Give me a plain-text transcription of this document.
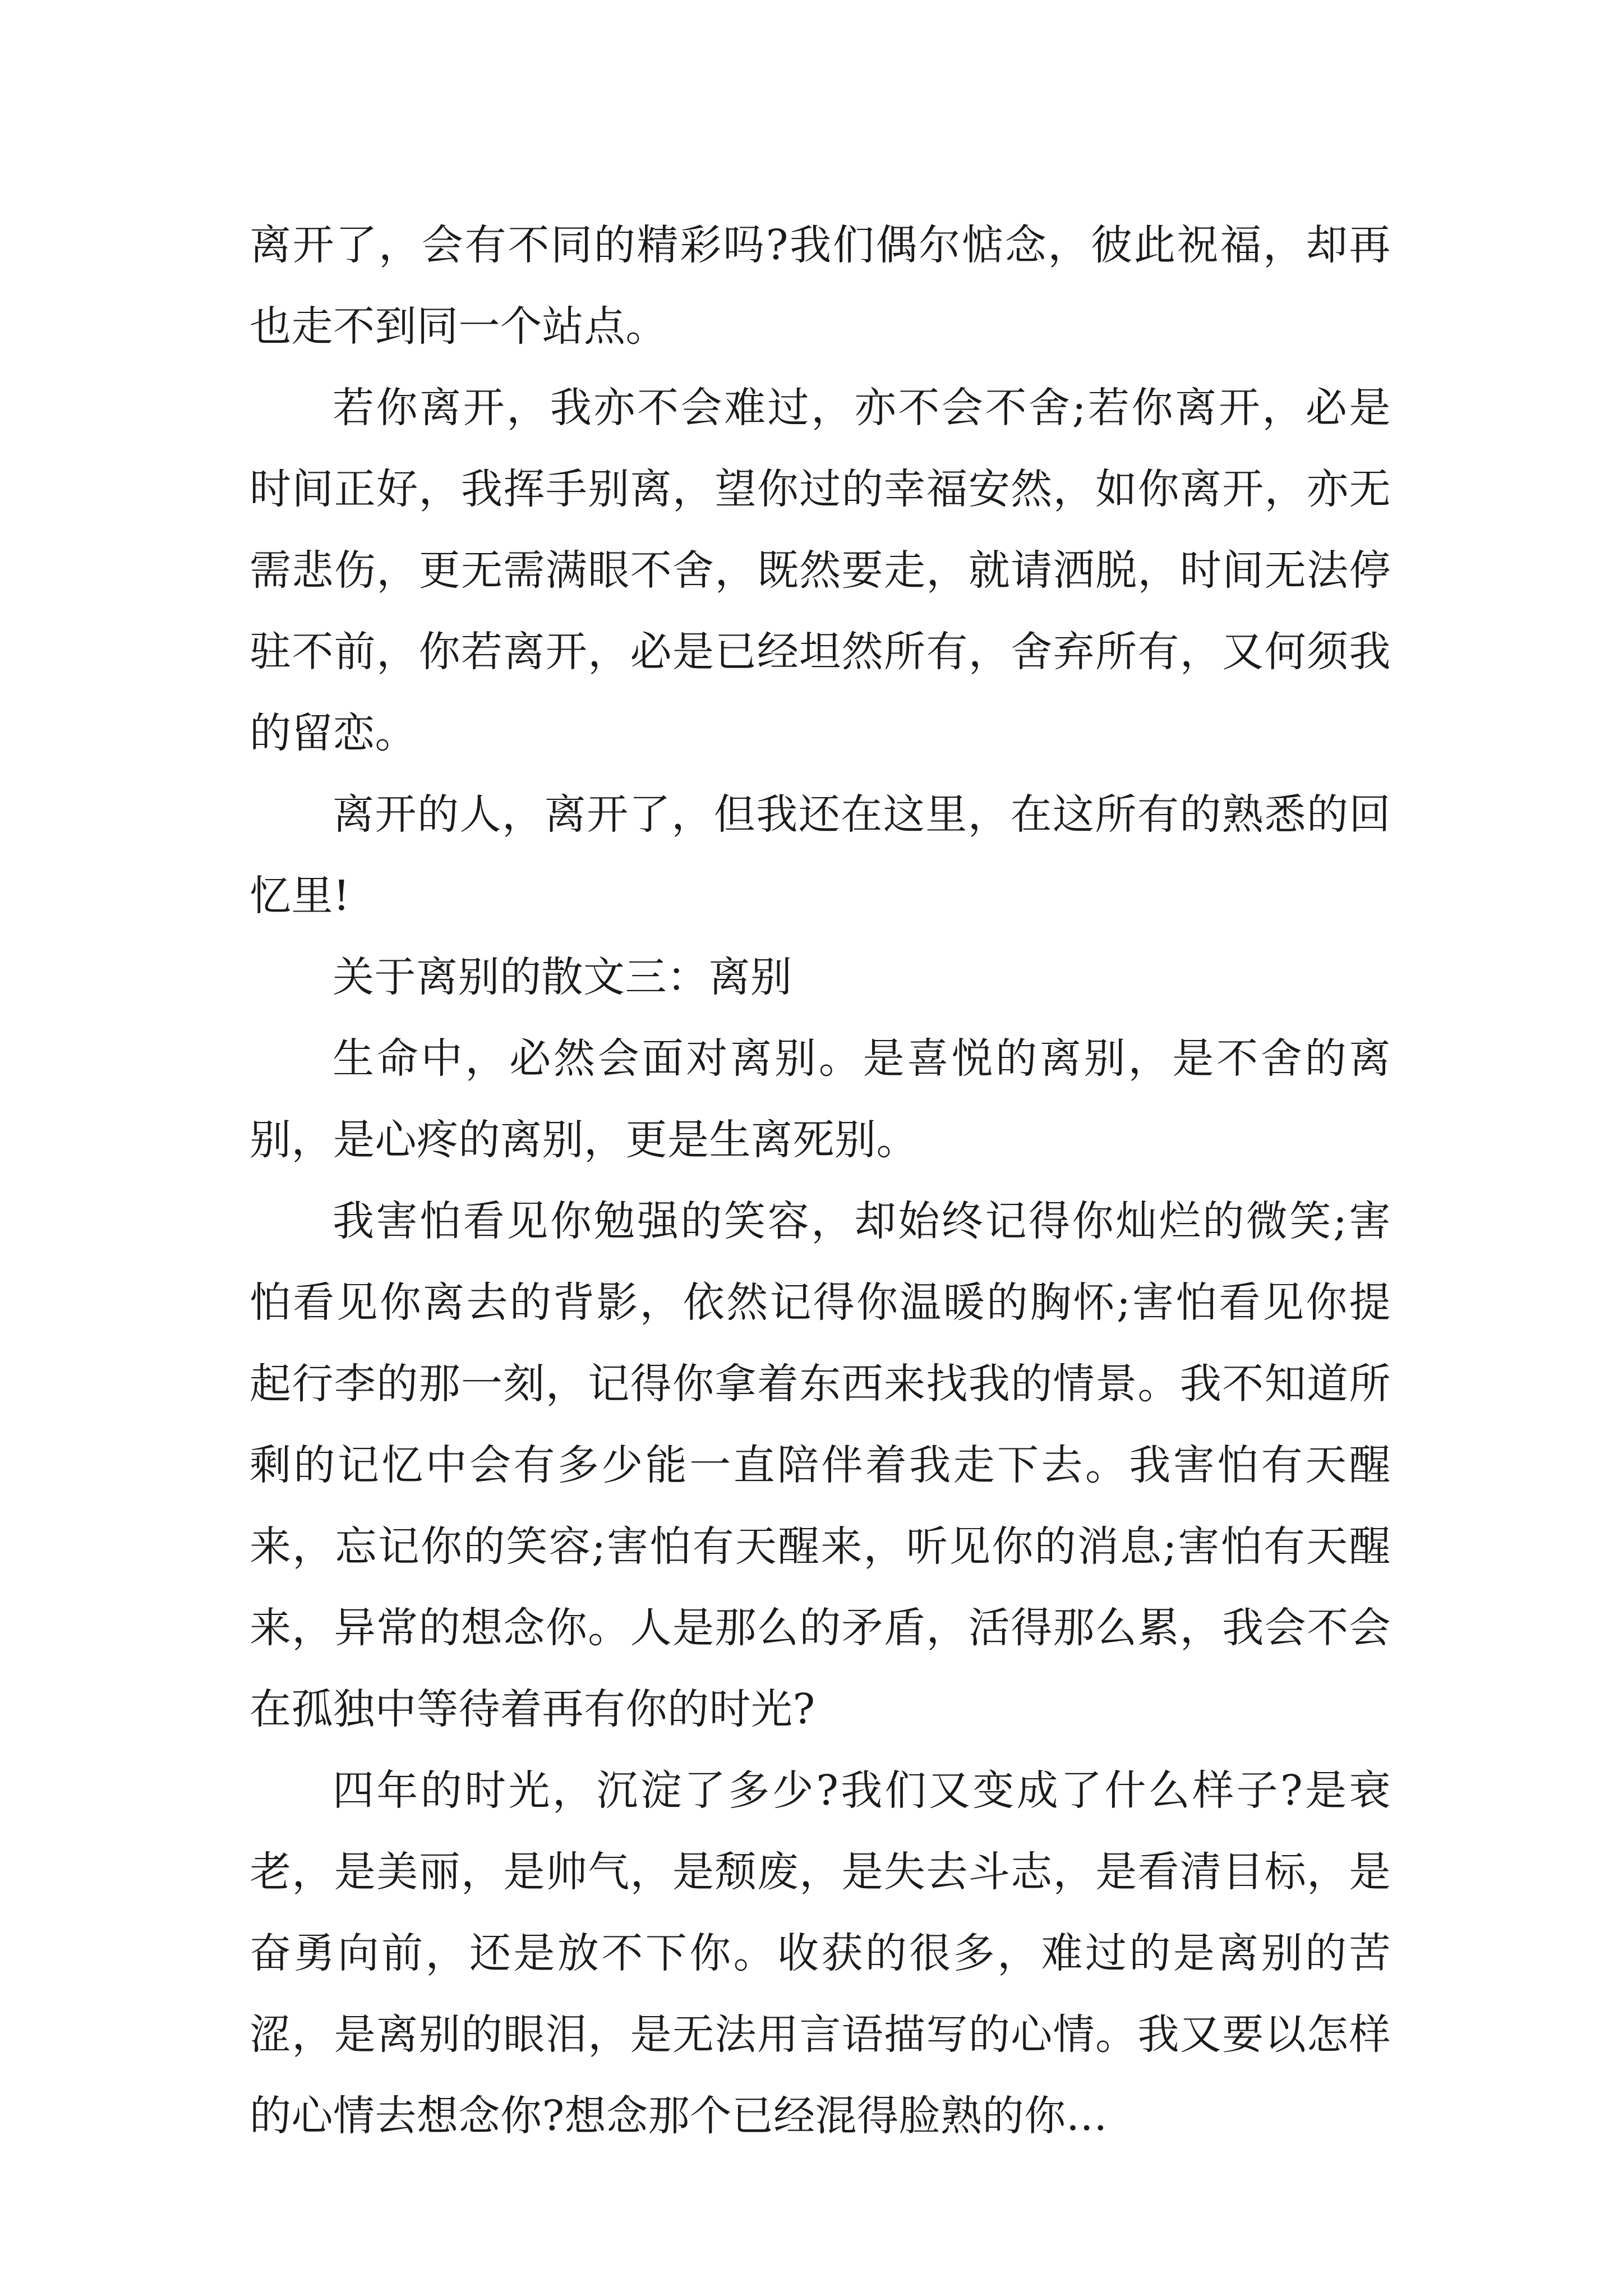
离开了，会有不同的精彩吗?我们偶尔惦念，彼此祝福，却再也走不到同一个站点。

若你离开，我亦不会难过，亦不会不舍;若你离开，必是时间正好，我挥手别离，望你过的幸福安然，如你离开，亦无需悲伤，更无需满眼不舍，既然要走，就请洒脱，时间无法停驻不前，你若离开，必是已经坦然所有，舍弃所有，又何须我的留恋。

离开的人，离开了，但我还在这里，在这所有的熟悉的回忆里!

关于离别的散文三：离别

生命中，必然会面对离别。是喜悦的离别，是不舍的离别，是心疼的离别，更是生离死别。

我害怕看见你勉强的笑容，却始终记得你灿烂的微笑;害怕看见你离去的背影，依然记得你温暖的胸怀;害怕看见你提起行李的那一刻，记得你拿着东西来找我的情景。我不知道所剩的记忆中会有多少能一直陪伴着我走下去。我害怕有天醒来，忘记你的笑容;害怕有天醒来，听见你的消息;害怕有天醒来，异常的想念你。人是那么的矛盾，活得那么累，我会不会在孤独中等待着再有你的时光?

四年的时光，沉淀了多少?我们又变成了什么样子?是衰老，是美丽，是帅气，是颓废，是失去斗志，是看清目标，是奋勇向前，还是放不下你。收获的很多，难过的是离别的苦涩，是离别的眼泪，是无法用言语描写的心情。我又要以怎样的心情去想念你?想念那个已经混得脸熟的你…
